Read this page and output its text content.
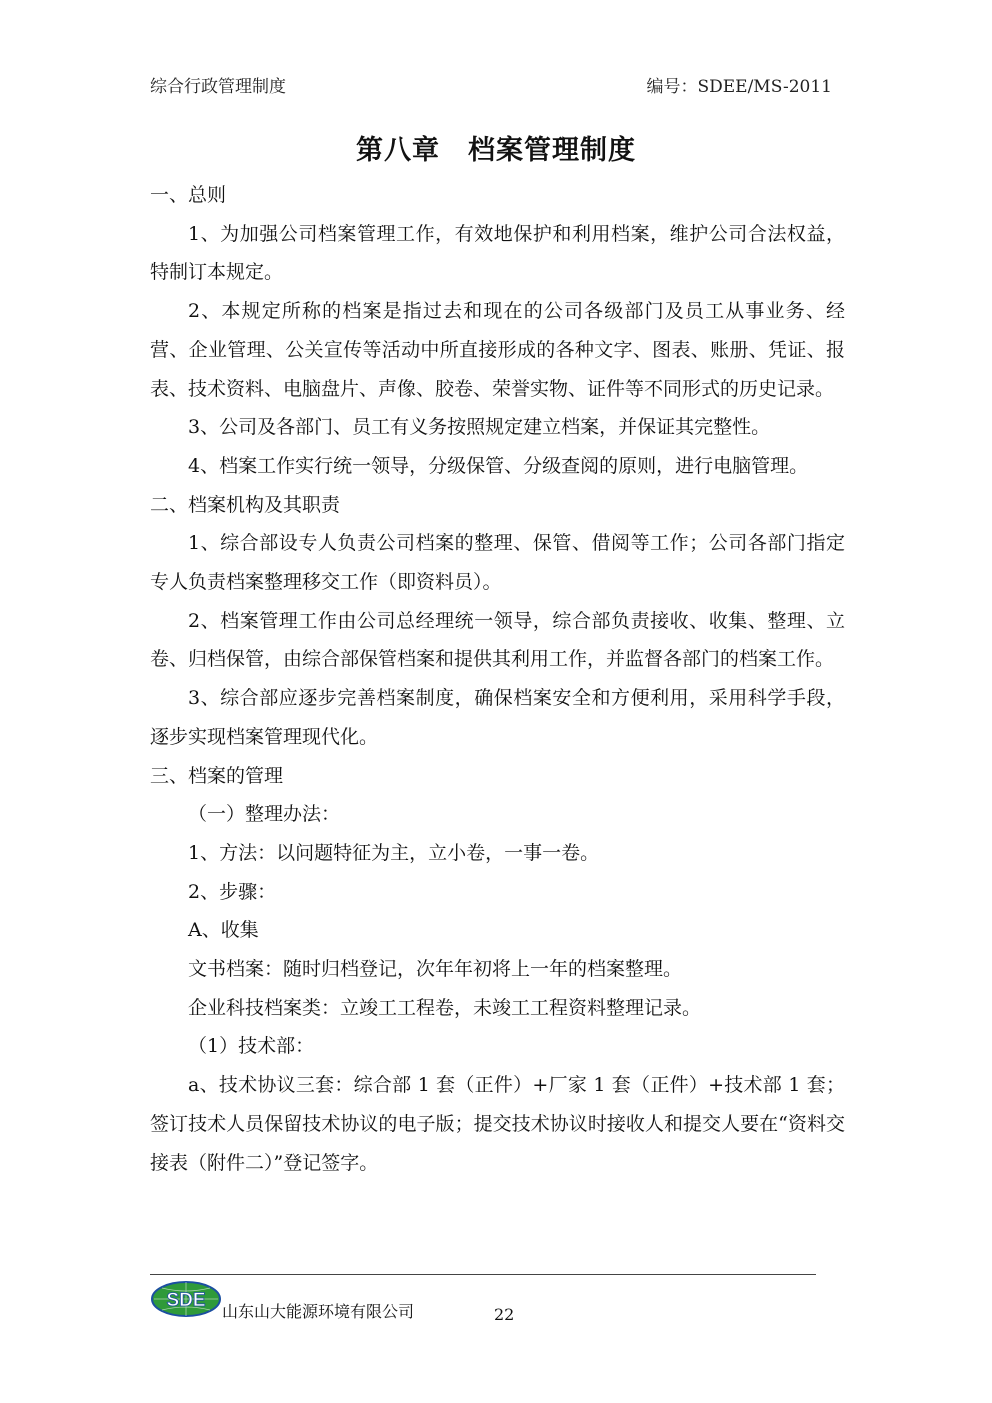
综合行政管理制度	编号：SDEE/MS-2011
第八章　档案管理制度

一、总则

1、为加强公司档案管理工作，有效地保护和利用档案，维护公司合法权益，特制订本规定。

2、本规定所称的档案是指过去和现在的公司各级部门及员工从事业务、经营、企业管理、公关宣传等活动中所直接形成的各种文字、图表、账册、凭证、报表、技术资料、电脑盘片、声像、胶卷、荣誉实物、证件等不同形式的历史记录。

3、公司及各部门、员工有义务按照规定建立档案，并保证其完整性。

4、档案工作实行统一领导，分级保管、分级查阅的原则，进行电脑管理。

二、档案机构及其职责

1、综合部设专人负责公司档案的整理、保管、借阅等工作；公司各部门指定专人负责档案整理移交工作（即资料员）。

2、档案管理工作由公司总经理统一领导，综合部负责接收、收集、整理、立卷、归档保管，由综合部保管档案和提供其利用工作，并监督各部门的档案工作。

3、综合部应逐步完善档案制度，确保档案安全和方便利用，采用科学手段，逐步实现档案管理现代化。

三、档案的管理

（一）整理办法：

1、方法：以问题特征为主，立小卷，一事一卷。

2、步骤：

A、收集

文书档案：随时归档登记，次年年初将上一年的档案整理。

企业科技档案类：立竣工工程卷，未竣工工程资料整理记录。

（1）技术部：

a、技术协议三套：综合部 1 套（正件）+厂家 1 套（正件）+技术部 1 套；签订技术人员保留技术协议的电子版；提交技术协议时接收人和提交人要在“资料交接表（附件二）”登记签字。

SDE
山东山大能源环境有限公司	22
